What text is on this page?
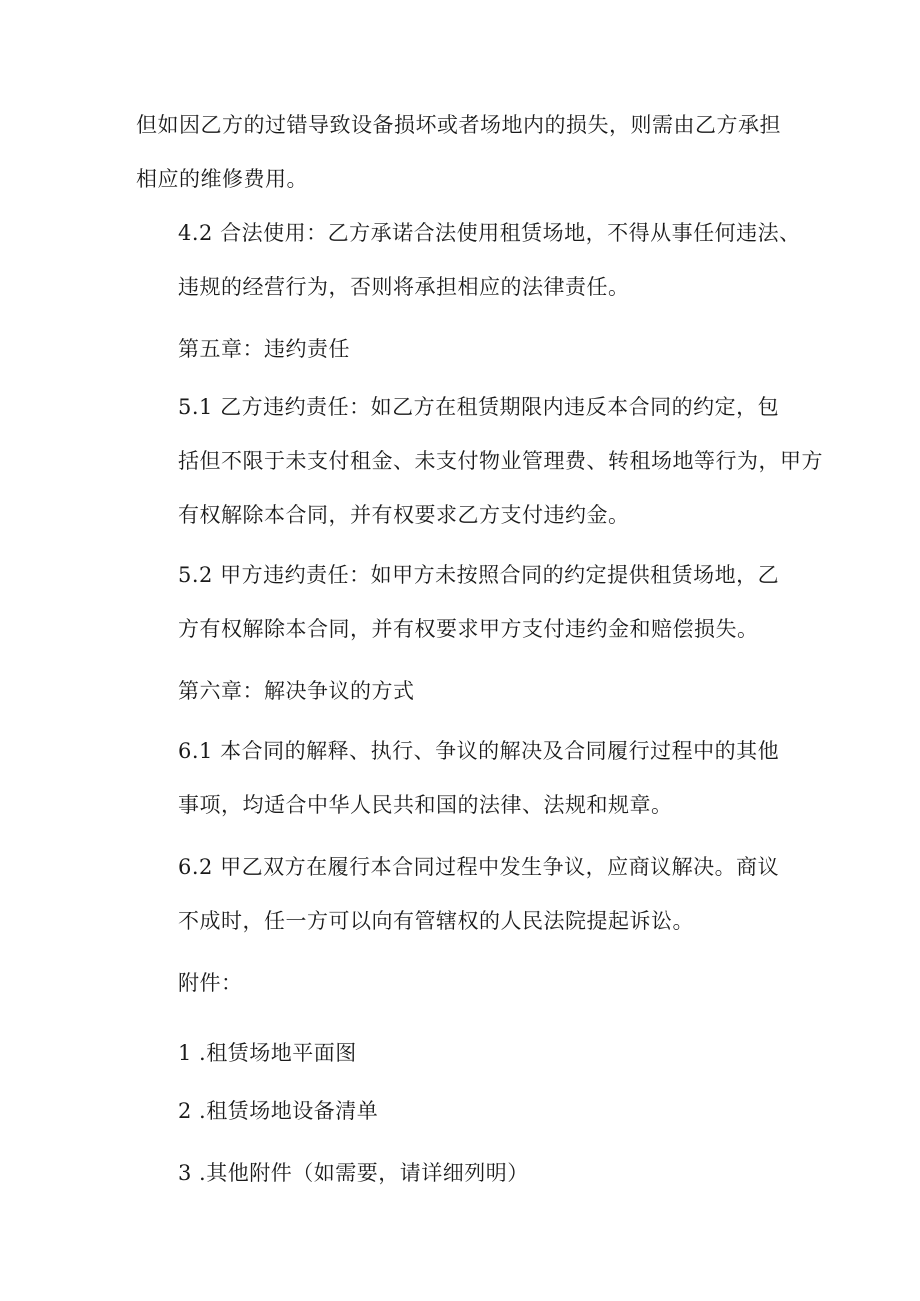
但如因乙方的过错导致设备损坏或者场地内的损失，则需由乙方承担
相应的维修费用。

4.2 合法使用：乙方承诺合法使用租赁场地，不得从事任何违法、
违规的经营行为，否则将承担相应的法律责任。

第五章：违约责任

5.1 乙方违约责任：如乙方在租赁期限内违反本合同的约定，包
括但不限于未支付租金、未支付物业管理费、转租场地等行为，甲方
有权解除本合同，并有权要求乙方支付违约金。

5.2 甲方违约责任：如甲方未按照合同的约定提供租赁场地，乙
方有权解除本合同，并有权要求甲方支付违约金和赔偿损失。

第六章：解决争议的方式

6.1 本合同的解释、执行、争议的解决及合同履行过程中的其他
事项，均适合中华人民共和国的法律、法规和规章。

6.2 甲乙双方在履行本合同过程中发生争议，应商议解决。商议
不成时，任一方可以向有管辖权的人民法院提起诉讼。

附件：

1 .租赁场地平面图

2 .租赁场地设备清单

3 .其他附件（如需要，请详细列明）
